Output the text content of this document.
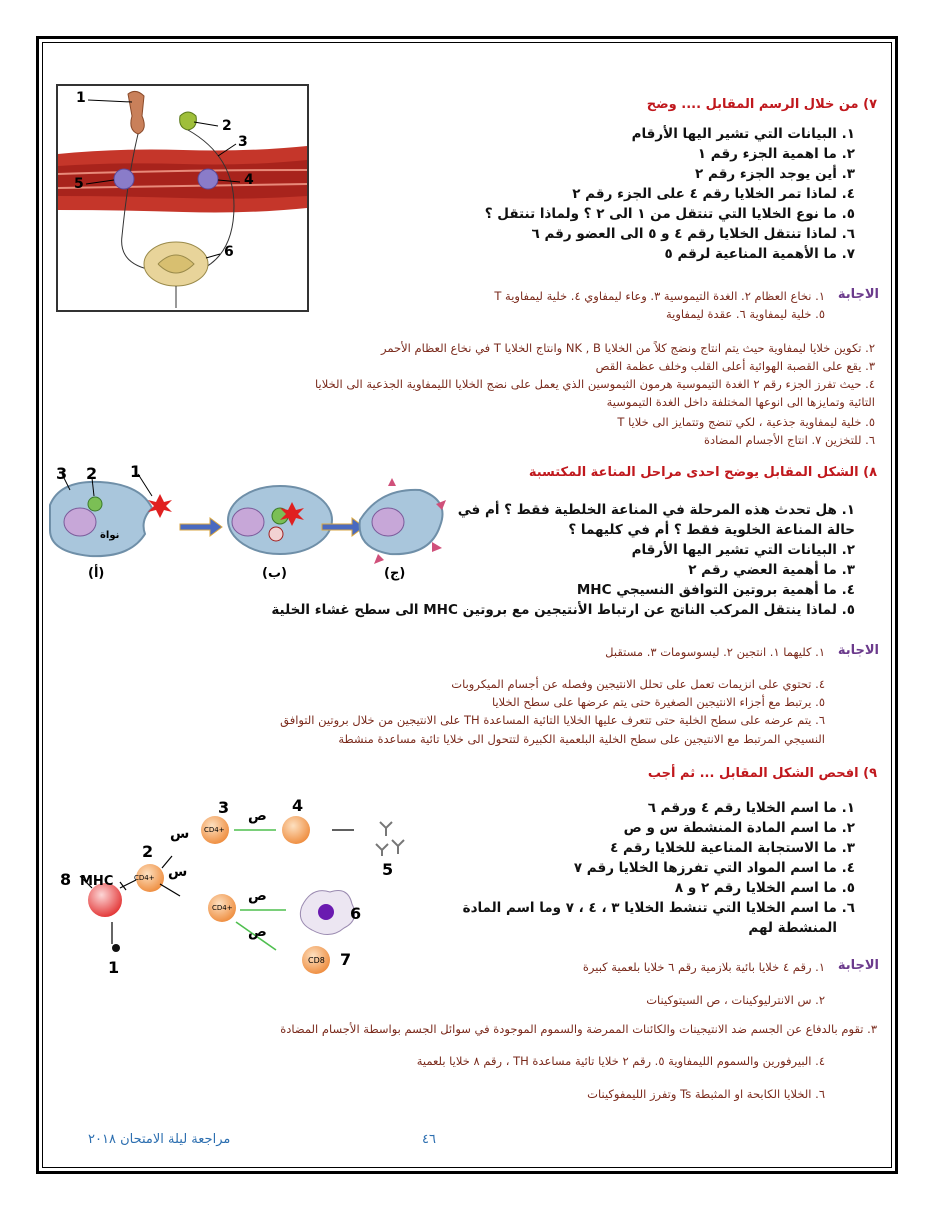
1
2
3
4
5
6
٧) من خلال الرسم المقابل .... وضح
١. البيانات التي تشير اليها الأرقام
٢. ما اهمية الجزء رقم ١
٣. أين يوجد الجزء رقم ٢
٤. لماذا تمر الخلايا رقم ٤ على الجزء رقم ٢
٥. ما نوع الخلايا التي تنتقل من ١ الى ٢ ؟ ولماذا تنتقل ؟
٦. لماذا تنتقل الخلايا رقم ٤ و ٥ الى العضو رقم ٦
٧. ما الأهمية المناعية لرقم ٥
الاجابة
١. نخاع العظام ٢. الغدة التيموسية ٣. وعاء ليمفاوي ٤. خلية ليمفاوية T
٥. خلية ليمفاوية ٦. عقدة ليمفاوية
٢. تكوين خلايا ليمفاوية حيث يتم انتاج ونضج كلاً من الخلايا NK , B وانتاج الخلايا T في نخاع العظام الأحمر
٣. يقع على القصبة الهوائية أعلى القلب وخلف عظمة القص
٤. حيث تفرز الجزء رقم ٢ الغدة التيموسية هرمون الثيموسين الذي يعمل على نضج الخلايا الليمفاوية الجذعية الى الخلايا
التائية وتمايزها الى انوعها المختلفة داخل الغدة التيموسية
٥. خلية ليمفاوية جذعية ، لكي تنضج وتتمايز الى خلايا T
٦. للتخزين ٧. انتاج الأجسام المضادة
٨) الشكل المقابل يوضح احدى مراحل المناعة المكتسبة
3 2 1
نواة
(أ)	(ب)	(ج)
١. هل تحدث هذه المرحلة في المناعة الخلطية فقط ؟ أم في
حالة المناعة الخلوية فقط ؟ أم في كليهما ؟
٢. البيانات التي تشير اليها الأرقام
٣. ما أهمية العضي رقم ٢
٤. ما أهمية بروتين التوافق النسيجي MHC
٥. لماذا ينتقل المركب الناتج عن ارتباط الأنتيجين مع بروتين MHC الى سطح غشاء الخلية
الاجابة
١. كليهما ١. انتجين ٢. ليسوسومات ٣. مستقبل
٤. تحتوي على انزيمات تعمل على تحلل الانتيجين وفصله عن أجسام الميكروبات
٥. يرتبط مع أجزاء الانتيجين الصغيرة حتى يتم عرضها على سطح الخلايا
٦. يتم عرضه على سطح الخلية حتى تتعرف عليها الخلايا التائية المساعدة TH على الانتيجين من خلال بروتين التوافق
النسيجي المرتبط مع الانتيجين على سطح الخلية البلعمية الكبيرة لتتحول الى خلايا تائية مساعدة منشطة
٩) افحص الشكل المقابل ... ثم أجب
8 MHC
2
3	4
5
6
7
1
س
س
ص
ص
ص
CD4+
CD4+
CD4+
CD8
١. ما اسم الخلايا رقم ٤ ورقم ٦
٢. ما اسم المادة المنشطة س و ص
٣. ما الاستجابة المناعية للخلايا رقم ٤
٤. ما اسم المواد التي تفرزها الخلايا رقم ٧
٥. ما اسم الخلايا رقم ٢ و ٨
٦. ما اسم الخلايا التي تنشط الخلايا ٣ ، ٤ ، ٧ وما اسم المادة
المنشطة لهم
الاجابة
١. رقم ٤ خلايا بائية بلازمية رقم ٦ خلايا بلعمية كبيرة
٢. س الانترليوكينات ، ص السيتوكينات
٣. تقوم بالدفاع عن الجسم ضد الانتيجينات والكائنات الممرضة والسموم الموجودة في سوائل الجسم بواسطة الأجسام المضادة
٤. البيرفورين والسموم الليمفاوية ٥. رقم ٢ خلايا تائية مساعدة TH ، رقم ٨ خلايا بلعمية
٦. الخلايا الكابحة او المثبطة Ts وتفرز الليمفوكينات
٤٦
مراجعة ليلة الامتحان ٢٠١٨
